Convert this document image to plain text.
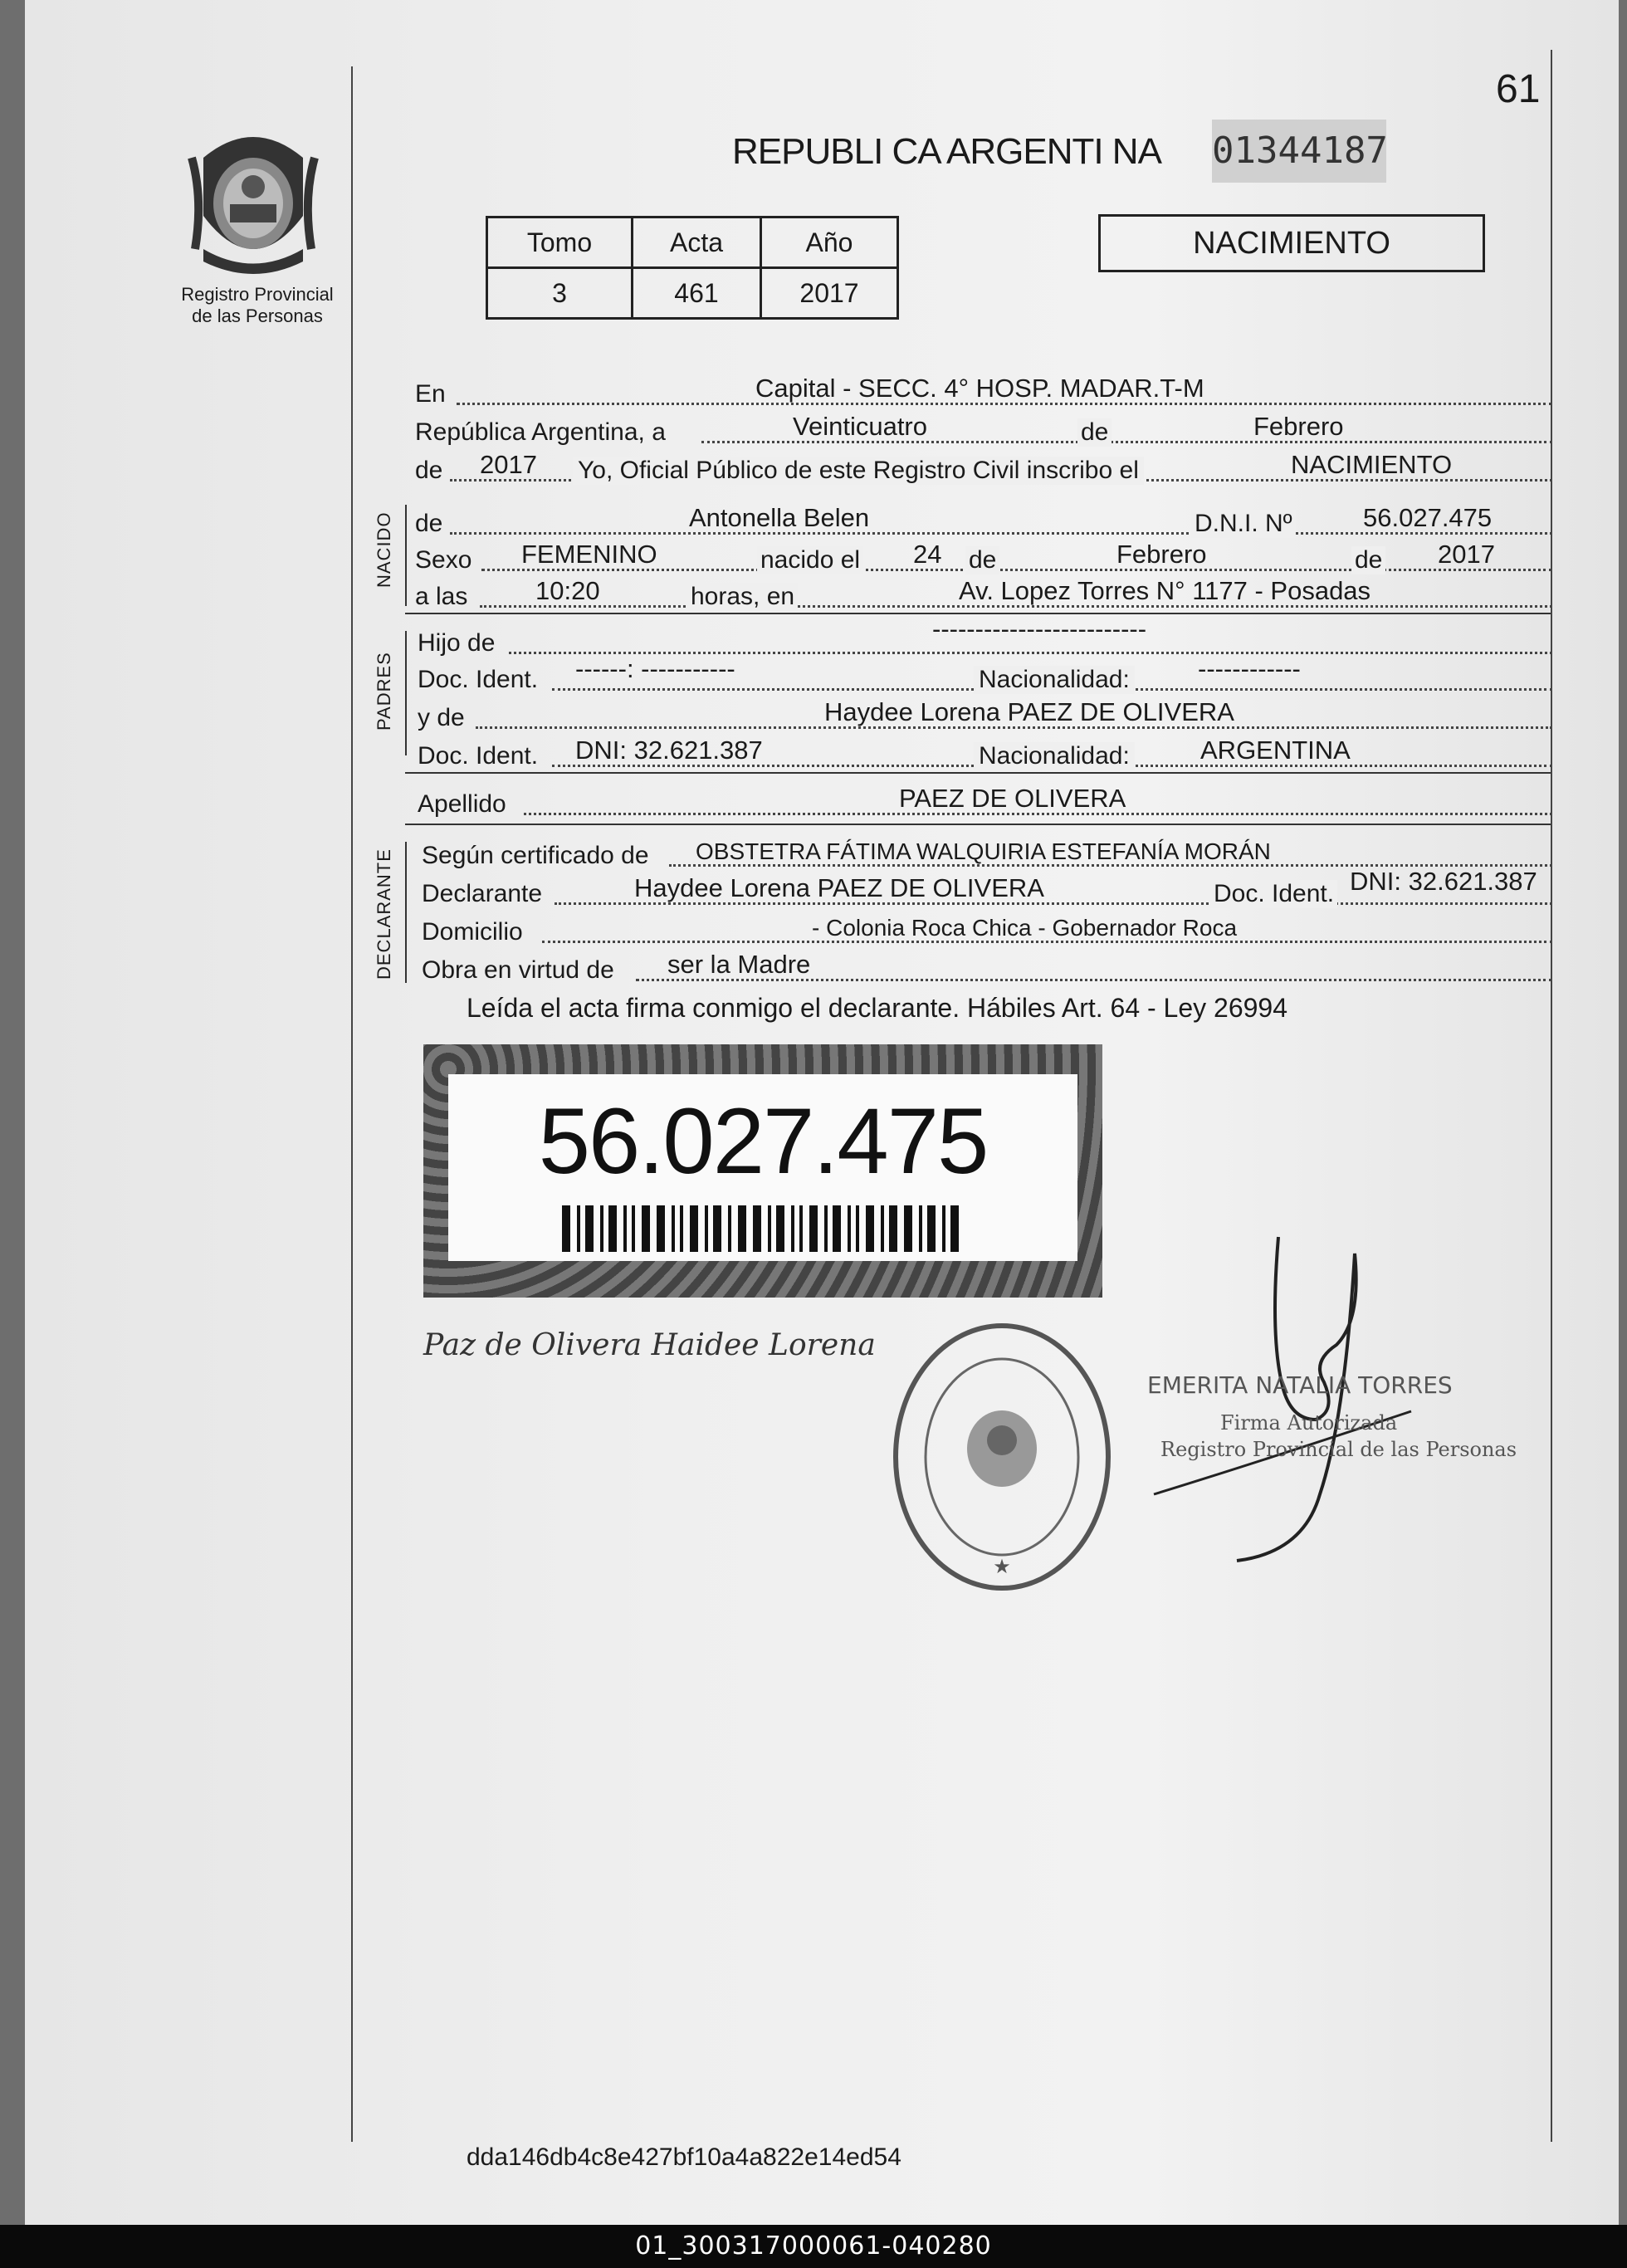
Registro Provincial
de las Personas
61
REPUBLI CA ARGENTI NA 01344187
Tomo	Acta	Año
3	461	2017
NACIMIENTO
En	Capital - SECC. 4° HOSP. MADAR.T-M
República Argentina, a	Veinticuatro	de	Febrero
de 2017 Yo, Oficial Público de este Registro Civil inscribo el	NACIMIENTO
NACIDO de	Antonella Belen	D.N.I. Nº	56.027.475
Sexo FEMENINO	nacido el 24 de	Febrero	de 2017
a las	10:20	horas, en	Av. Lopez Torres N° 1177 - Posadas
PADRES
Hijo de	-------------------------
Doc. Ident. ------: -----------	Nacionalidad:	------------
y de	Haydee Lorena PAEZ DE OLIVERA
Doc. Ident. DNI: 32.621.387	Nacionalidad:	ARGENTINA
Apellido	PAEZ DE OLIVERA
DECLARANTE Según certificado de OBSTETRA FÁTIMA WALQUIRIA ESTEFANÍA MORÁN
Declarante	Haydee Lorena PAEZ DE OLIVERA	Doc. Ident. DNI: 32.621.387
Domicilio	- Colonia Roca Chica - Gobernador Roca
Obra en virtud de ser la Madre
Leída el acta firma conmigo el declarante. Hábiles Art. 64 - Ley 26994
56.027.475
Paz de Olivera Haidee Lorena
★
EMERITA NATALIA TORRES
Firma Autorizada
Registro Provincial de las Personas
dda146db4c8e427bf10a4a822e14ed54
01_300317000061-040280
